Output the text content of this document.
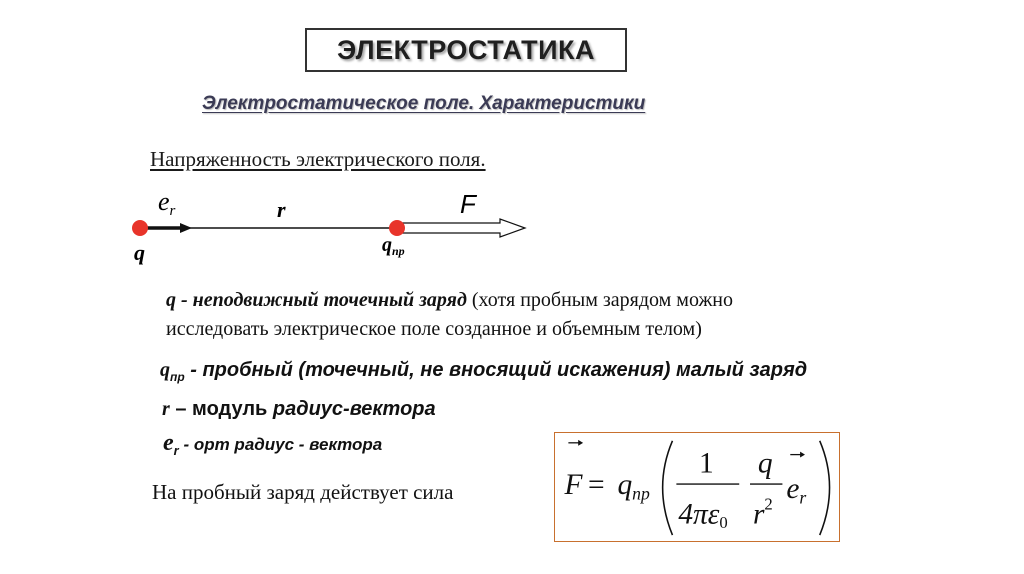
ЭЛЕКТРОСТАТИКА
Электростатическое поле. Характеристики
Напряженность электрического поля.
er	r	F
q	$q_{пр}$
q - неподвижный точечный заряд (хотя пробным зарядом можно
исследовать электрическое поле созданное и объемным телом)
$q_{пр}$ - пробный (точечный, не вносящий искажения) малый заряд
r – модуль радиус-вектора
$e_r$ - орт радиус - вектора
На пробный заряд действует сила	$F = q_{пр}$
1
4πε0
q
$r^2$ $e_r$
